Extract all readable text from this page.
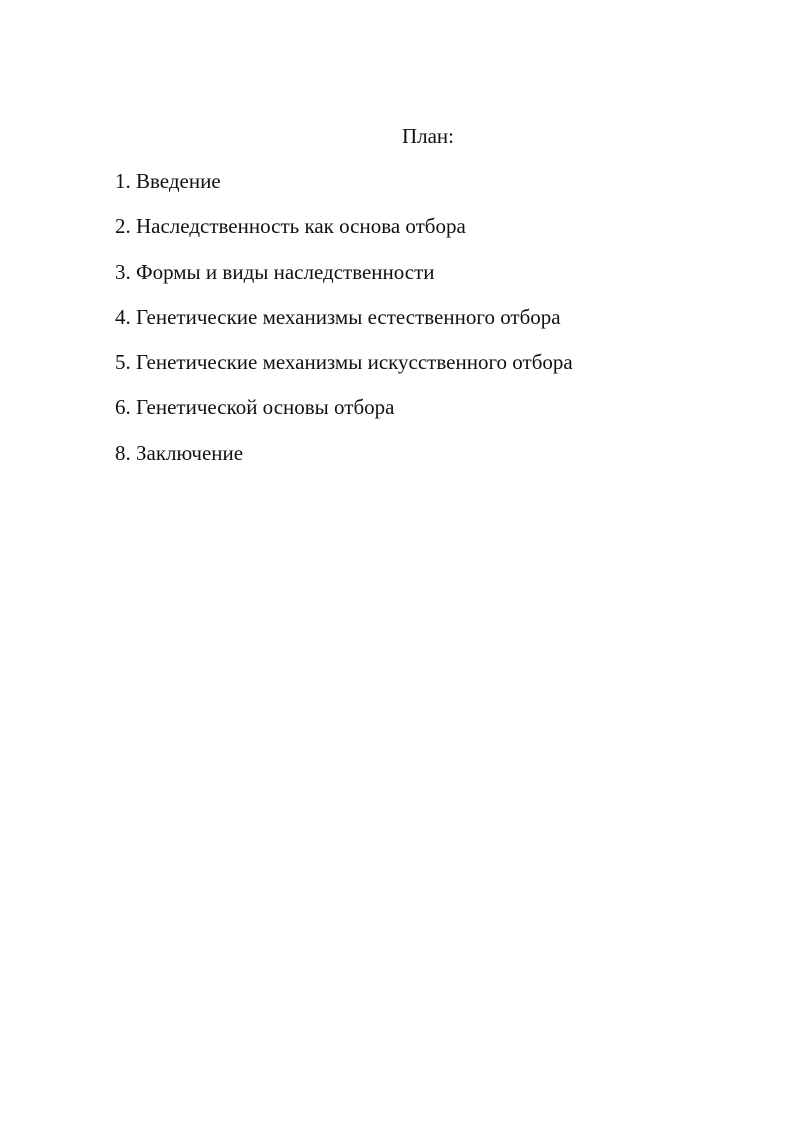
План:
1. Введение
2. Наследственность как основа отбора
3. Формы и виды наследственности
4. Генетические механизмы естественного отбора
5. Генетические механизмы искусственного отбора
6. Генетической основы отбора
8. Заключение
